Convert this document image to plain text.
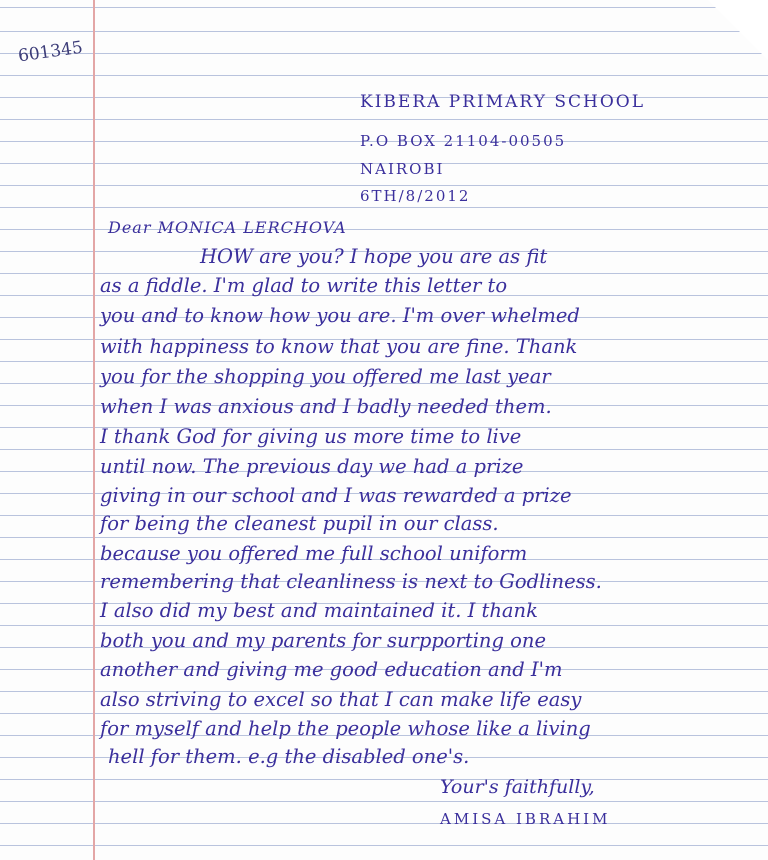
601345
KIBERA PRIMARY SCHOOL
P.O BOX 21104-00505
NAIROBI
6TH/8/2012
Dear MONICA LERCHOVA
HOW are you? I hope you are as fit
as a fiddle. I'm glad to write this letter to
you and to know how you are. I'm over whelmed
with happiness to know that you are fine. Thank
you for the shopping you offered me last year
when I was anxious and I badly needed them.
I thank God for giving us more time to live
until now. The previous day we had a prize
giving in our school and I was rewarded a prize
for being the cleanest pupil in our class.
because you offered me full school uniform
remembering that cleanliness is next to Godliness.
I also did my best and maintained it. I thank
both you and my parents for surpporting one
another and giving me good education and I'm
also striving to excel so that I can make life easy
for myself and help the people whose like a living
hell for them. e.g the disabled one's.
Your's faithfully,
AMISA IBRAHIM
